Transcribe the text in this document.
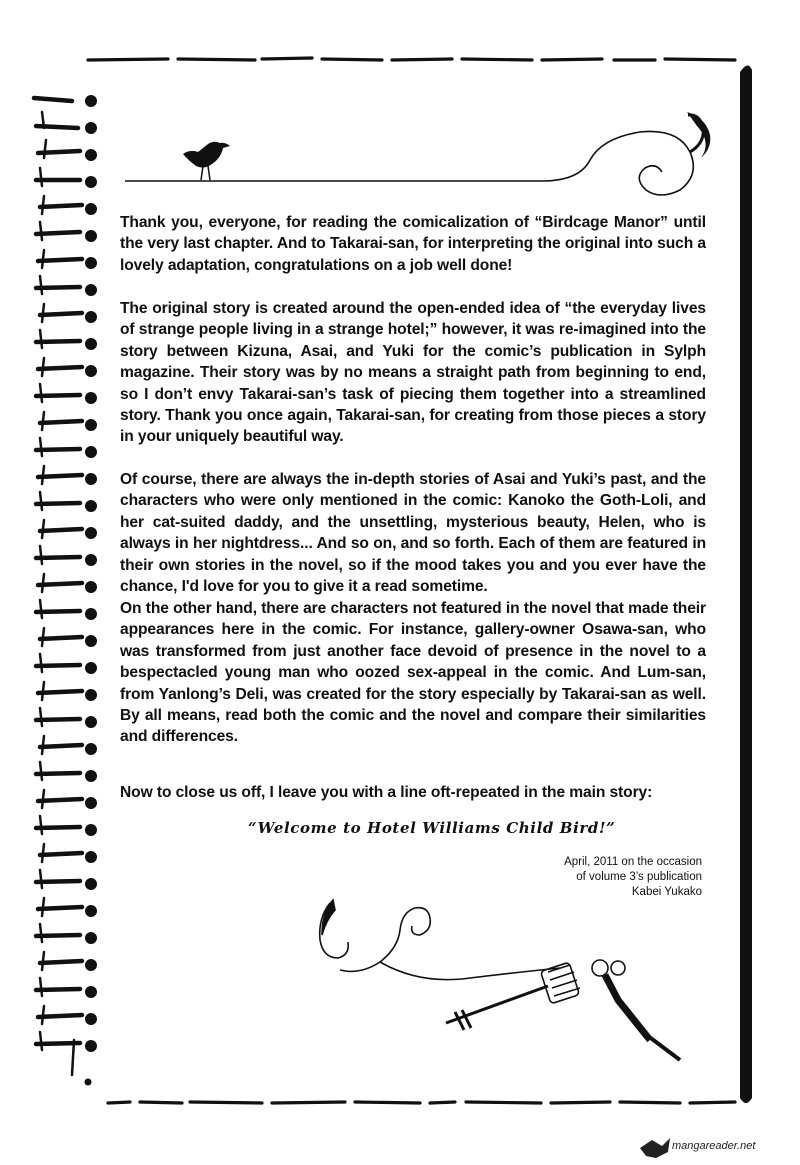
Thank you, everyone, for reading the comicalization of “Birdcage Manor” until the very last chapter. And to Takarai-san, for interpreting the original into such a lovely adaptation, congratulations on a job well done!

The original story is created around the open-ended idea of “the everyday lives of strange people living in a strange hotel;” however, it was re-imagined into the story between Kizuna, Asai, and Yuki for the comic’s publication in Sylph magazine. Their story was by no means a straight path from beginning to end, so I don’t envy Takarai-san’s task of piecing them together into a streamlined story. Thank you once again, Takarai-san, for creating from those pieces a story in your uniquely beautiful way.

Of course, there are always the in-depth stories of Asai and Yuki’s past, and the characters who were only mentioned in the comic: Kanoko the Goth-Loli, and her cat-suited daddy, and the unsettling, mysterious beauty, Helen, who is always in her nightdress... And so on, and so forth. Each of them are featured in their own stories in the novel, so if the mood takes you and you ever have the chance, I'd love for you to give it a read sometime.

On the other hand, there are characters not featured in the novel that made their appearances here in the comic. For instance, gallery-owner Osawa-san, who was transformed from just another face devoid of presence in the novel to a bespectacled young man who oozed sex-appeal in the comic. And Lum-san, from Yanlong’s Deli, was created for the story especially by Takarai-san as well. By all means, read both the comic and the novel and compare their similarities and differences.

Now to close us off, I leave you with a line oft-repeated in the main story:

“Welcome to Hotel Williams Child Bird!”
April, 2011 on the occasion
of volume 3’s publication
Kabei Yukako
mangareader.net
